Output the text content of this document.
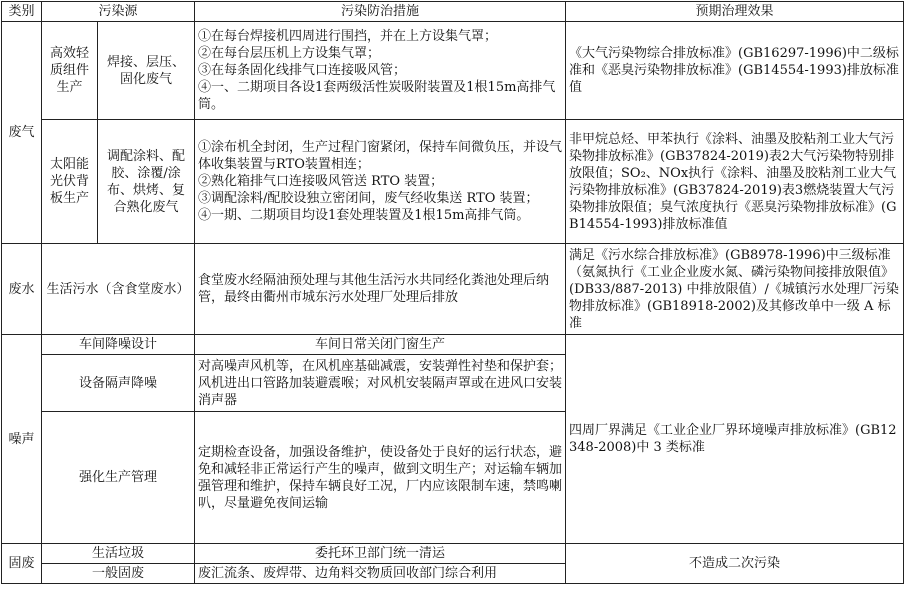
类别	污染源		污染防治措施	预期治理效果
废气	高效轻质组件生产	焊接、层压、固化废气	①在每台焊接机四周进行围挡，并在上方设集气罩；
②在每台层压机上方设集气罩；
③在每条固化线排气口连接吸风管；
④一、二期项目各设1套两级活性炭吸附装置及1根15m高排气筒。	《大气污染物综合排放标准》(GB16297-1996)中二级标准和《恶臭污染物排放标准》(GB14554-1993)排放标准值
	太阳能光伏背板生产	调配涂料、配胶、涂覆/涂布、烘烤、复合熟化废气	①涂布机全封闭，生产过程门窗紧闭，保持车间微负压，并设气体收集装置与RTO装置相连；
②熟化箱排气口连接吸风管送 RTO 装置；
③调配涂料/配胶设独立密闭间，废气经收集送 RTO 装置；
④一期、二期项目均设1套处理装置及1根15m高排气筒。	非甲烷总烃、甲苯执行《涂料、油墨及胶粘剂工业大气污染物排放标准》(GB37824-2019)表2大气污染物特别排放限值；SO₂、NOx执行《涂料、油墨及胶粘剂工业大气污染物排放标准》(GB37824-2019)表3燃烧装置大气污染物排放限值；臭气浓度执行《恶臭污染物排放标准》(GB14554-1993)排放标准值
废水	生活污水（含食堂废水）		食堂废水经隔油预处理与其他生活污水共同经化粪池处理后纳管，最终由衢州市城东污水处理厂处理后排放	满足《污水综合排放标准》(GB8978-1996)中三级标准（氨氮执行《工业企业废水氮、磷污染物间接排放限值》(DB33/887-2013) 中排放限值）/《城镇污水处理厂污染物排放标准》(GB18918-2002)及其修改单中一级 A 标准
噪声	车间降噪设计		车间日常关闭门窗生产	四周厂界满足《工业企业厂界环境噪声排放标准》(GB12348-2008)中 3 类标准
	设备隔声降噪		对高噪声风机等，在风机座基础减震，安装弹性衬垫和保护套；风机进出口管路加装避震喉；对风机安装隔声罩或在进风口安装消声器	
	强化生产管理		定期检查设备，加强设备维护，使设备处于良好的运行状态，避免和减轻非正常运行产生的噪声，做到文明生产；对运输车辆加强管理和维护，保持车辆良好工况，厂内应该限制车速，禁鸣喇叭，尽量避免夜间运输	
固废	生活垃圾		委托环卫部门统一清运	不造成二次污染
	一般固废		废汇流条、废焊带、边角料交物质回收部门综合利用	
